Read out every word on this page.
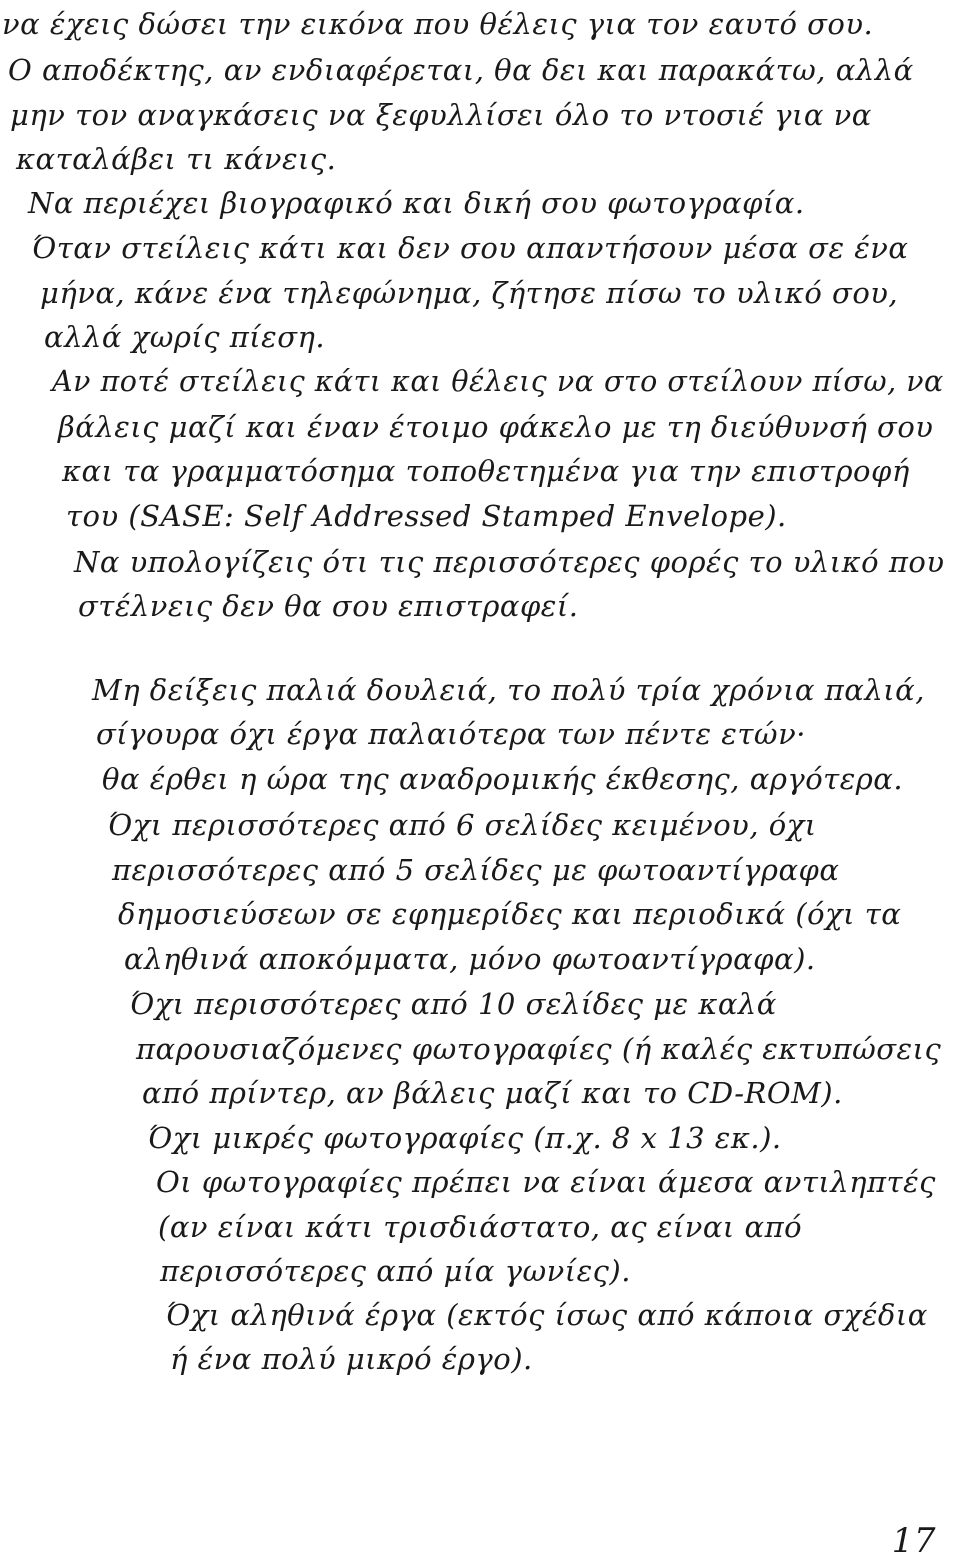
να έχεις δώσει την εικόνα που θέλεις για τον εαυτό σου.
Ο αποδέκτης, αν ενδιαφέρεται, θα δει και παρακάτω, αλλά
μην τον αναγκάσεις να ξεφυλλίσει όλο το ντοσιέ για να
καταλάβει τι κάνεις.
Να περιέχει βιογραφικό και δική σου φωτογραφία.
Όταν στείλεις κάτι και δεν σου απαντήσουν μέσα σε ένα
μήνα, κάνε ένα τηλεφώνημα, ζήτησε πίσω το υλικό σου,
αλλά χωρίς πίεση.
Αν ποτέ στείλεις κάτι και θέλεις να στο στείλουν πίσω, να
βάλεις μαζί και έναν έτοιμο φάκελο με τη διεύθυνσή σου
και τα γραμματόσημα τοποθετημένα για την επιστροφή
του (SASE: Self Addressed Stamped Envelope).
Να υπολογίζεις ότι τις περισσότερες φορές το υλικό που
στέλνεις δεν θα σου επιστραφεί.
Μη δείξεις παλιά δουλειά, το πολύ τρία χρόνια παλιά,
σίγουρα όχι έργα παλαιότερα των πέντε ετών·
θα έρθει η ώρα της αναδρομικής έκθεσης, αργότερα.
Όχι περισσότερες από 6 σελίδες κειμένου, όχι
περισσότερες από 5 σελίδες με φωτοαντίγραφα
δημοσιεύσεων σε εφημερίδες και περιοδικά (όχι τα
αληθινά αποκόμματα, μόνο φωτοαντίγραφα).
Όχι περισσότερες από 10 σελίδες με καλά
παρουσιαζόμενες φωτογραφίες (ή καλές εκτυπώσεις
από πρίντερ, αν βάλεις μαζί και το CD-ROM).
Όχι μικρές φωτογραφίες (π.χ. 8 x 13 εκ.).
Οι φωτογραφίες πρέπει να είναι άμεσα αντιληπτές
(αν είναι κάτι τρισδιάστατο, ας είναι από
περισσότερες από μία γωνίες).
Όχι αληθινά έργα (εκτός ίσως από κάποια σχέδια
ή ένα πολύ μικρό έργο).
17
